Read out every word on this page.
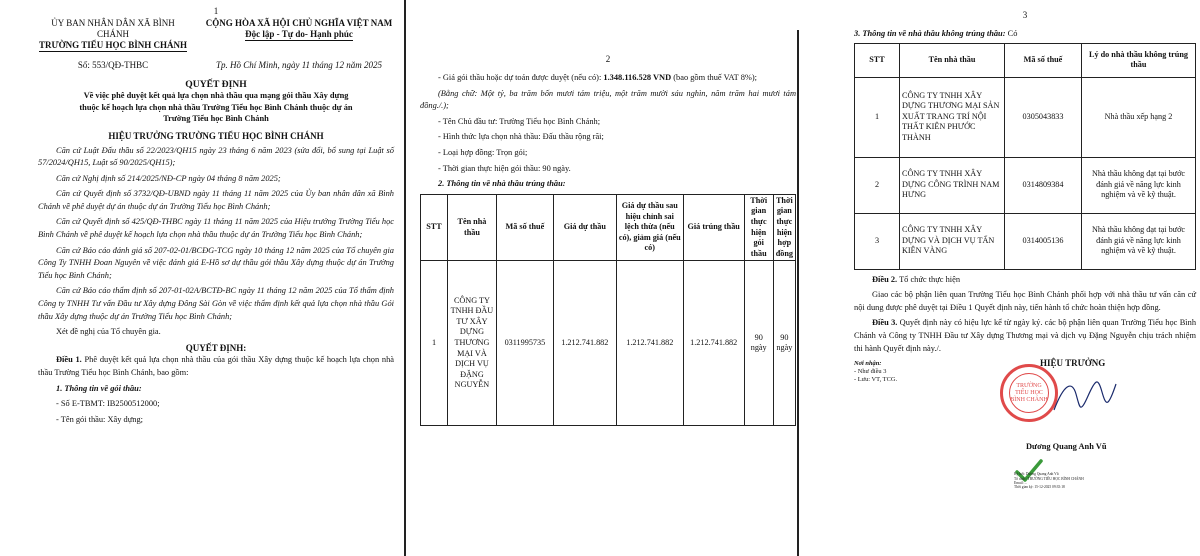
1
ỦY BAN NHÂN DÂN XÃ BÌNH CHÁNH
TRƯỜNG TIỂU HỌC BÌNH CHÁNH
CỘNG HÒA XÃ HỘI CHỦ NGHĨA VIỆT NAM
Độc lập - Tự do- Hạnh phúc
Số: 553/QĐ-THBC	Tp. Hồ Chí Minh, ngày 11 tháng 12 năm 2025
QUYẾT ĐỊNH
Về việc phê duyệt kết quả lựa chọn nhà thầu qua mạng gói thầu Xây dựng
thuộc kế hoạch lựa chọn nhà thầu Trường Tiểu học Bình Chánh thuộc dự án
Trường Tiểu học Bình Chánh
HIỆU TRƯỞNG TRƯỜNG TIỂU HỌC BÌNH CHÁNH

Căn cứ Luật Đấu thầu số 22/2023/QH15 ngày 23 tháng 6 năm 2023 (sửa đổi, bổ sung tại Luật số 57/2024/QH15, Luật số 90/2025/QH15);

Căn cứ Nghị định số 214/2025/NĐ-CP ngày 04 tháng 8 năm 2025;

Căn cứ Quyết định số 3732/QĐ-UBND ngày 11 tháng 11 năm 2025 của Ủy ban nhân dân xã Bình Chánh về phê duyệt dự án thuộc dự án Trường Tiểu học Bình Chánh;

Căn cứ Quyết định số 425/QĐ-THBC ngày 11 tháng 11 năm 2025 của Hiệu trưởng Trường Tiểu học Bình Chánh về phê duyệt kế hoạch lựa chọn nhà thầu thuộc dự án Trường Tiểu học Bình Chánh;

Căn cứ Báo cáo đánh giá số 207-02-01/BCĐG-TCG ngày 10 tháng 12 năm 2025 của Tổ chuyên gia Công Ty TNHH Đoan Nguyên về việc đánh giá E-Hồ sơ dự thầu gói thầu Xây dựng thuộc dự án Trường Tiểu học Bình Chánh;

Căn cứ Báo cáo thẩm định số 207-01-02A/BCTĐ-BC ngày 11 tháng 12 năm 2025 của Tổ thẩm định Công ty TNHH Tư vấn Đầu tư Xây dựng Đông Sài Gòn về việc thẩm định kết quả lựa chọn nhà thầu Gói thầu Xây dựng thuộc dự án Trường Tiểu học Bình Chánh;

Xét đề nghị của Tổ chuyên gia.

QUYẾT ĐỊNH:

Điều 1. Phê duyệt kết quả lựa chọn nhà thầu của gói thầu Xây dựng thuộc kế hoạch lựa chọn nhà thầu Trường Tiểu học Bình Chánh, bao gồm:

1. Thông tin về gói thầu:

- Số E-TBMT: IB2500512000;

- Tên gói thầu: Xây dựng;

2

- Giá gói thầu hoặc dự toán được duyệt (nếu có): 1.348.116.528 VND (bao gồm thuế VAT 8%);

(Bằng chữ: Một tỷ, ba trăm bốn mươi tám triệu, một trăm mười sáu nghìn, năm trăm hai mươi tám đồng./.);

- Tên Chủ đầu tư: Trường Tiểu học Bình Chánh;

- Hình thức lựa chọn nhà thầu: Đấu thầu rộng rãi;

- Loại hợp đồng: Trọn gói;

- Thời gian thực hiện gói thầu: 90 ngày.

2. Thông tin về nhà thầu trúng thầu:

STT	Tên nhà thầu	Mã số thuế	Giá dự thầu	Giá dự thầu sau hiệu chỉnh sai lệch thừa (nếu có), giảm giá (nếu có)	Giá trúng thầu	Thời gian thực hiện gói thầu	Thời gian thực hiện hợp đồng
1	CÔNG TY TNHH ĐẦU TƯ XÂY DỰNG THƯƠNG MẠI VÀ DỊCH VỤ ĐẶNG NGUYỄN	0311995735	1.212.741.882	1.212.741.882	1.212.741.882	90 ngày	90 ngày
3
3. Thông tin về nhà thầu không trúng thầu: Có
STT	Tên nhà thầu	Mã số thuế	Lý do nhà thầu không trúng thầu
1	CÔNG TY TNHH XÂY DỰNG THƯƠNG MẠI SẢN XUẤT TRANG TRÍ NỘI THẤT KIÊN PHƯỚC THÀNH	0305043833	Nhà thầu xếp hạng 2
2	CÔNG TY TNHH XÂY DỰNG CÔNG TRÌNH NAM HƯNG	0314809384	Nhà thầu không đạt tại bước đánh giá về năng lực kinh nghiệm và về kỹ thuật.
3	CÔNG TY TNHH XÂY DỰNG VÀ DỊCH VỤ TẤN KIÊN VÀNG	0314005136	Nhà thầu không đạt tại bước đánh giá về năng lực kinh nghiệm và về kỹ thuật.

Điều 2. Tổ chức thực hiện

Giao các bộ phận liên quan Trường Tiểu học Bình Chánh phối hợp với nhà thầu tư vấn căn cứ nội dung được phê duyệt tại Điều 1 Quyết định này, tiến hành tổ chức hoàn thiện hợp đồng.

Điều 3. Quyết định này có hiệu lực kể từ ngày ký. các bộ phận liên quan Trường Tiểu học Bình Chánh và Công ty TNHH Đầu tư Xây dựng Thương mại và dịch vụ Đặng Nguyễn chịu trách nhiệm thi hành Quyết định này./.

Nơi nhận:
- Như điều 3
- Lưu: VT, TCG.
HIỆU TRƯỞNG
TRƯỜNG TIỂU HỌC BÌNH CHÁNH
Dương Quang Anh Vũ
Ký bởi: Dương Quang Anh Vũ
Tổ chức: TRƯỜNG TIỂU HỌC BÌNH CHÁNH
Email: ...
Thời gian ký: 15-12-2025 09:35:18
